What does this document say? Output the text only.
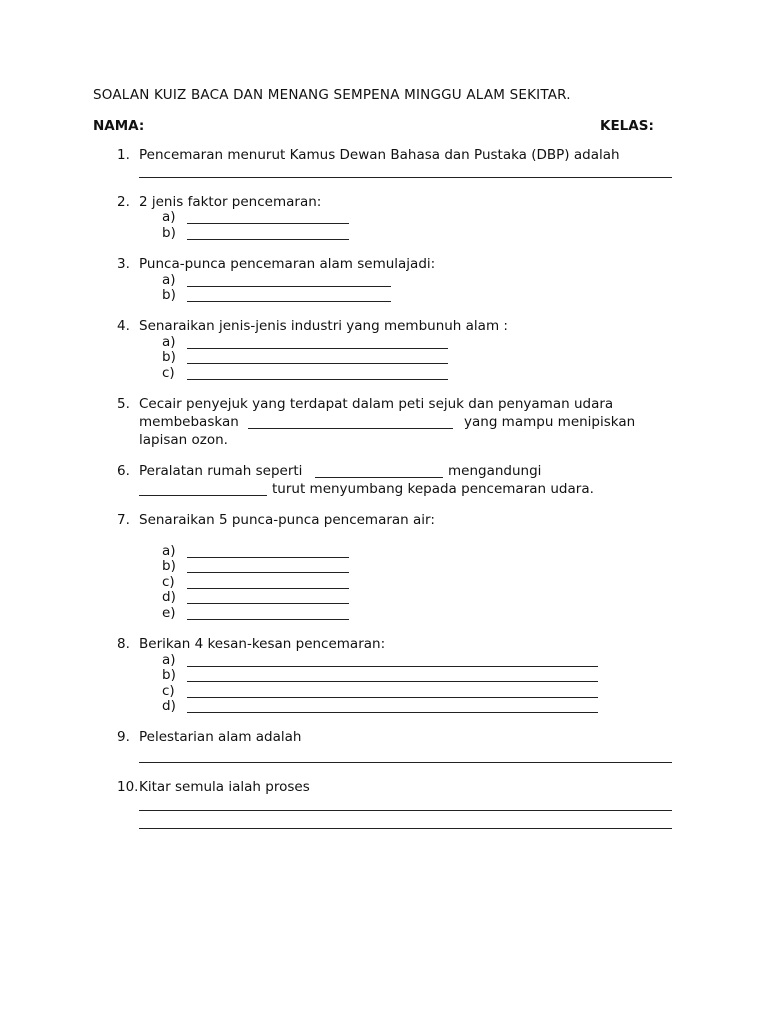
SOALAN KUIZ BACA DAN MENANG SEMPENA MINGGU ALAM SEKITAR.
NAMA:	KELAS:
1. Pencemaran menurut Kamus Dewan Bahasa dan Pustaka (DBP) adalah
2. 2 jenis faktor pencemaran:
a)
b)
3. Punca-punca pencemaran alam semulajadi:
a)
b)
4. Senaraikan jenis-jenis industri yang membunuh alam :
a)
b)
c)
5. Cecair penyejuk yang terdapat dalam peti sejuk dan penyaman udara
membebaskan	yang mampu menipiskan
lapisan ozon.
6. Peralatan rumah seperti	mengandungi
turut menyumbang kepada pencemaran udara.
7. Senaraikan 5 punca-punca pencemaran air:
a)
b)
c)
d)
e)
8. Berikan 4 kesan-kesan pencemaran:
a)
b)
c)
d)
9. Pelestarian alam adalah
10. Kitar semula ialah proses
